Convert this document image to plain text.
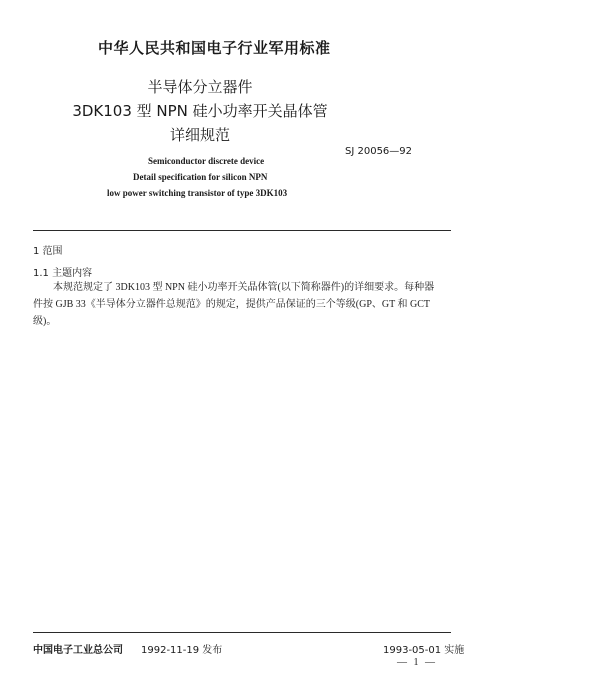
中华人民共和国电子行业军用标准
半导体分立器件
3DK103 型 NPN 硅小功率开关晶体管
详细规范
SJ 20056—92
Semiconductor discrete device
Detail specification for silicon NPN
low power switching transistor of type 3DK103
1 范围
1.1 主题内容
本规范规定了 3DK103 型 NPN 硅小功率开关晶体管(以下简称器件)的详细要求。每种器
件按 GJB 33《半导体分立器件总规范》的规定，提供产品保证的三个等级(GP、GT 和 GCT
级)。
中国电子工业总公司 1992-11-19 发布	1993-05-01 实施
— 1 —
